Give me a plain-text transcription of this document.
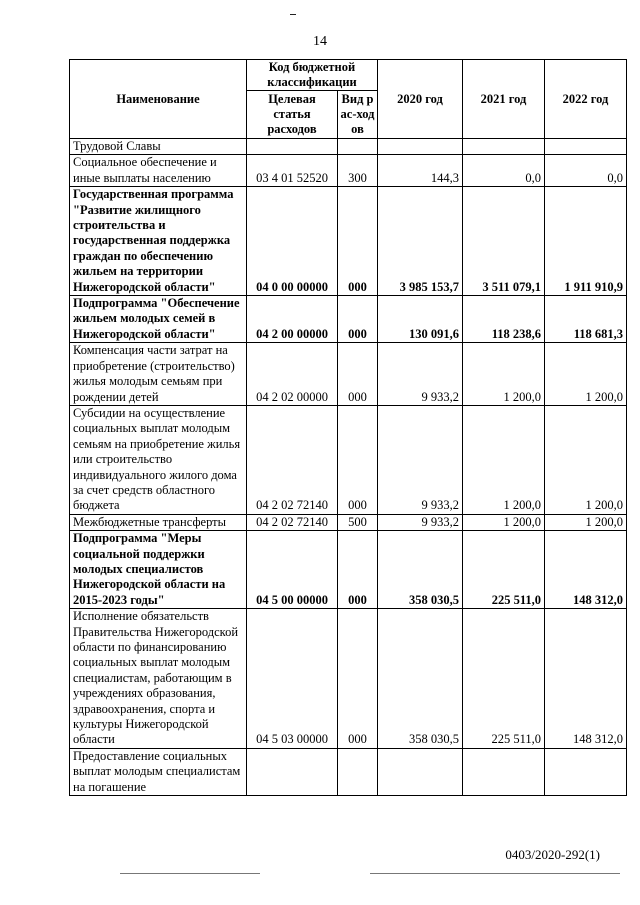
14
Наименование	Код бюджетной классификации		2020 год	2021 год	2022 год
	Целевая статья расходов	Вид рас-ходов			
Трудовой Славы					
Социальное обеспечение и иные выплаты населению	03 4 01 52520	300	144,3	0,0	0,0
Государственная программа "Развитие жилищного строительства и государственная поддержка граждан по обеспечению жильем на территории Нижегородской области"	04 0 00 00000	000	3 985 153,7	3 511 079,1	1 911 910,9
Подпрограмма "Обеспечение жильем молодых семей в Нижегородской области"	04 2 00 00000	000	130 091,6	118 238,6	118 681,3
Компенсация части затрат на приобретение (строительство) жилья молодым семьям при рождении детей	04 2 02 00000	000	9 933,2	1 200,0	1 200,0
Субсидии на осуществление социальных выплат молодым семьям на приобретение жилья или строительство индивидуального жилого дома за счет средств областного бюджета	04 2 02 72140	000	9 933,2	1 200,0	1 200,0
Межбюджетные трансферты	04 2 02 72140	500	9 933,2	1 200,0	1 200,0
Подпрограмма "Меры социальной поддержки молодых специалистов Нижегородской области на 2015-2023 годы"	04 5 00 00000	000	358 030,5	225 511,0	148 312,0
Исполнение обязательств Правительства Нижегородской области по финансированию социальных выплат молодым специалистам, работающим в учреждениях образования, здравоохранения, спорта и культуры Нижегородской области	04 5 03 00000	000	358 030,5	225 511,0	148 312,0
Предоставление социальных выплат молодым специалистам на погашение					
0403/2020-292(1)
